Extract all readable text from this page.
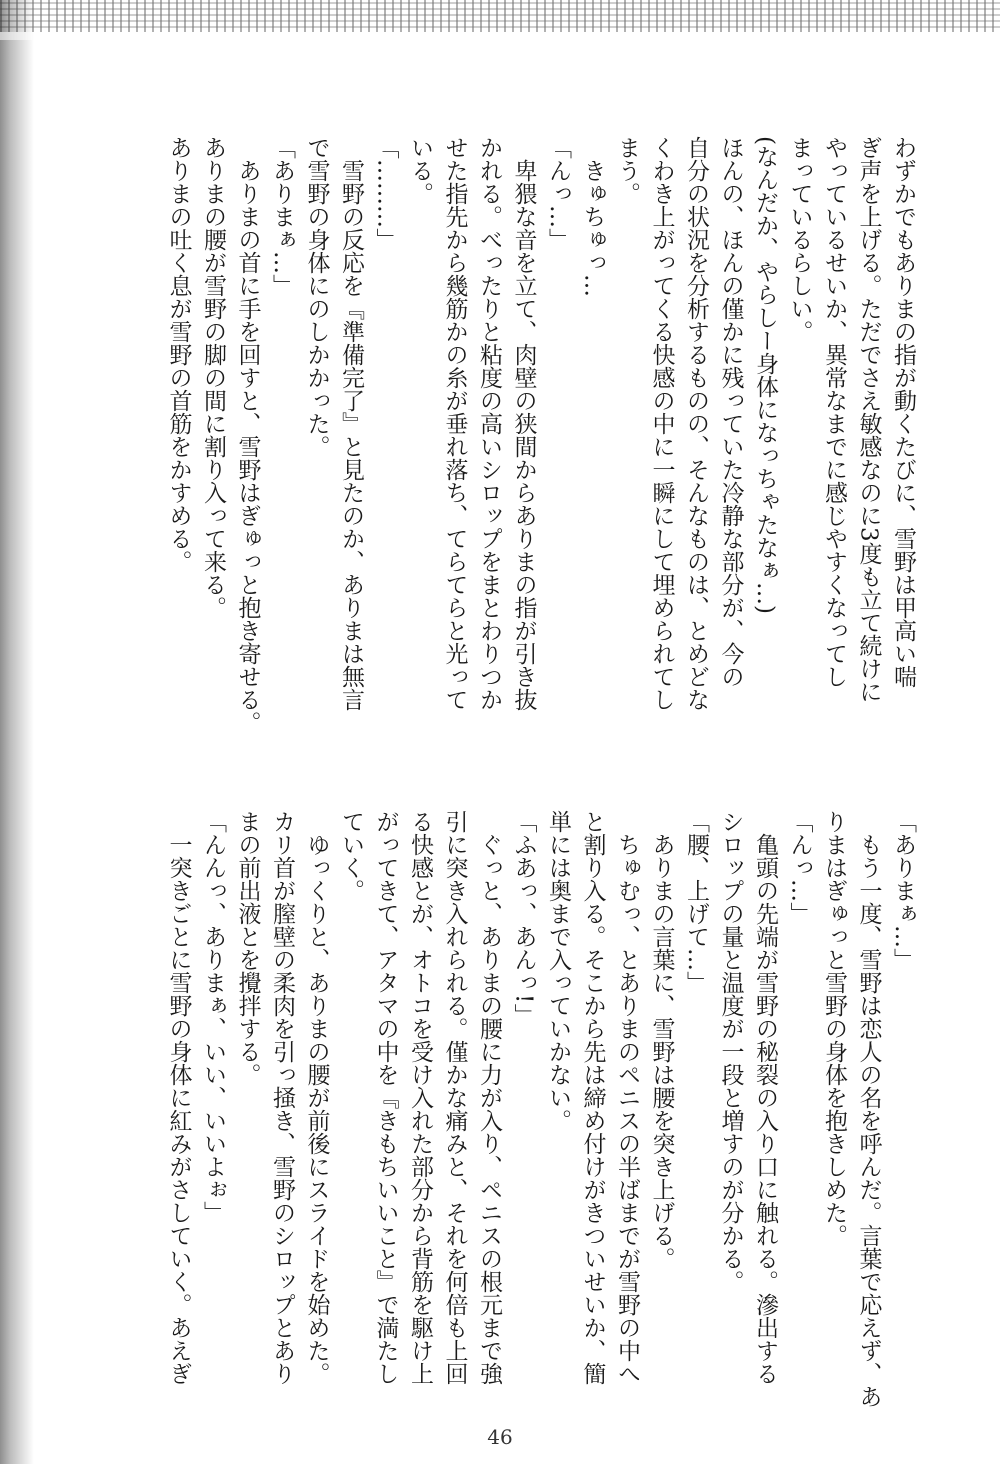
わずかでもありまの指が動くたびに、雪野は甲高い喘
ぎ声を上げる。ただでさえ敏感なのに3度も立て続けに
やっているせいか、異常なまでに感じやすくなってし
まっているらしい。
(なんだか、やらしー身体になっちゃたなぁ…)
ほんの、ほんの僅かに残っていた冷静な部分が、今の
自分の状況を分析するものの、そんなものは、とめどな
くわき上がってくる快感の中に一瞬にして埋められてし
まう。
　きゅちゅっ…
「んっ…」
　卑猥な音を立て、肉壁の狭間からありまの指が引き抜
かれる。べったりと粘度の高いシロップをまとわりつか
せた指先から幾筋かの糸が垂れ落ち、てらてらと光って
いる。
「………」
　雪野の反応を『準備完了』と見たのか、ありまは無言
で雪野の身体にのしかかった。
「ありまぁ…」
　ありまの首に手を回すと、雪野はぎゅっと抱き寄せる。
ありまの腰が雪野の脚の間に割り入って来る。
ありまの吐く息が雪野の首筋をかすめる。
「ありまぁ…」
　もう一度、雪野は恋人の名を呼んだ。言葉で応えず、あ
りまはぎゅっと雪野の身体を抱きしめた。
「んっ…」
　亀頭の先端が雪野の秘裂の入り口に触れる。滲出する
シロップの量と温度が一段と増すのが分かる。
「腰、上げて…」
　ありまの言葉に、雪野は腰を突き上げる。
　ちゅむっ、とありまのペニスの半ばまでが雪野の中へ
と割り入る。そこから先は締め付けがきついせいか、簡
単には奥まで入っていかない。
「ふあっ、あんっ!」
　ぐっと、ありまの腰に力が入り、ペニスの根元まで強
引に突き入れられる。僅かな痛みと、それを何倍も上回
る快感とが、オトコを受け入れた部分から背筋を駆け上
がってきて、アタマの中を『きもちいいこと』で満たし
ていく。
　ゆっくりと、ありまの腰が前後にスライドを始めた。
カリ首が膣壁の柔肉を引っ掻き、雪野のシロップとあり
まの前出液とを攪拌する。
「んんっ、ありまぁ、いい、いいよぉ」
　一突きごとに雪野の身体に紅みがさしていく。あえぎ
46
